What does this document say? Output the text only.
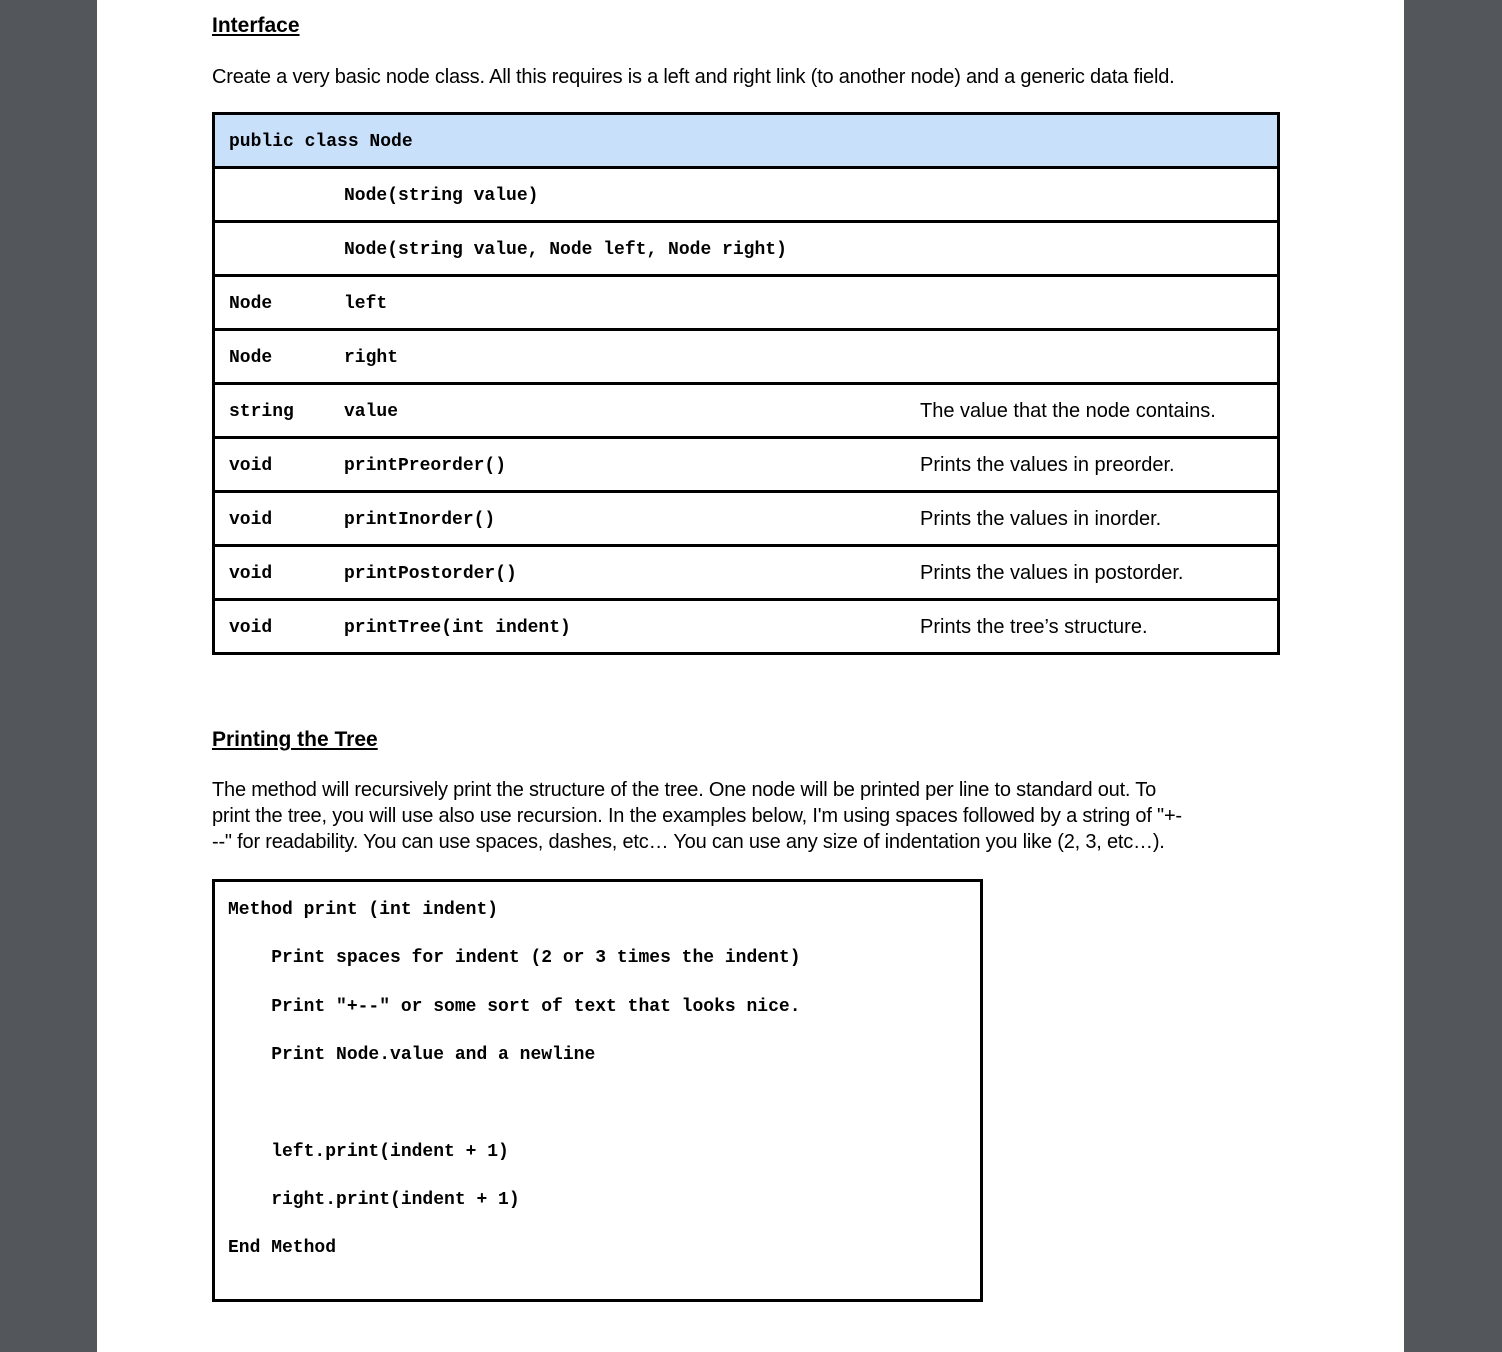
Interface
Create a very basic node class. All this requires is a left and right link (to another node) and a generic data field.
public class Node

Node(string value)

Node(string value, Node left, Node right)

Node	left

Node	right

string	value	The value that the node contains.

void	printPreorder()	Prints the values in preorder.

void	printInorder()	Prints the values in inorder.

void	printPostorder()	Prints the values in postorder.

void	printTree(int indent)	Prints the tree’s structure.
Printing the Tree
The method will recursively print the structure of the tree. One node will be printed per line to standard out. To
print the tree, you will use also use recursion. In the examples below, I'm using spaces followed by a string of "+-
--" for readability. You can use spaces, dashes, etc… You can use any size of indentation you like (2, 3, etc…).
Method print (int indent)
Print spaces for indent (2 or 3 times the indent)
Print "+--" or some sort of text that looks nice.
Print Node.value and a newline
left.print(indent + 1)
right.print(indent + 1)
End Method
